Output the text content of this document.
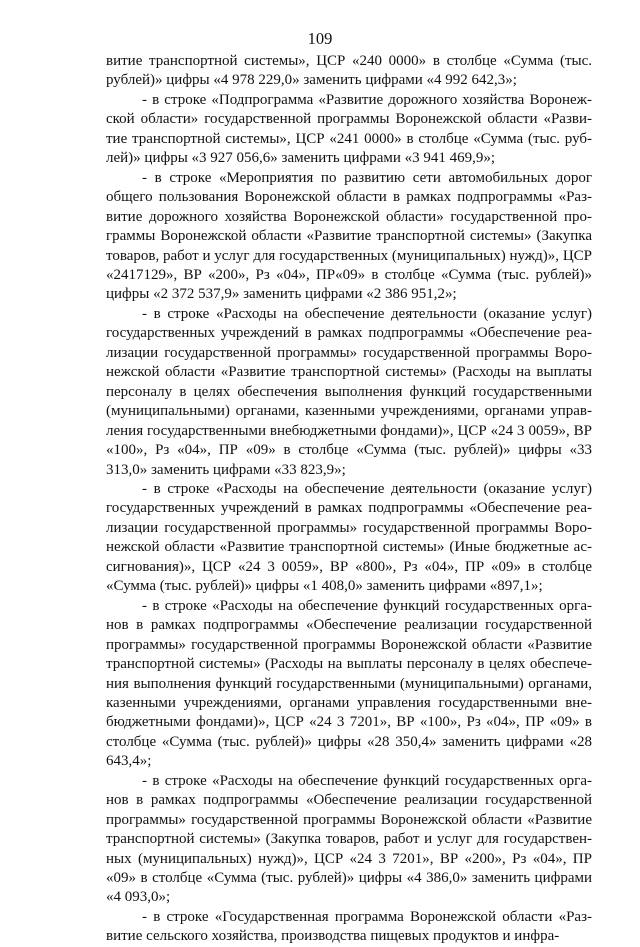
109

витие транспортной системы», ЦСР «240 0000» в столбце «Сумма (тыс. рублей)» цифры «4 978 229,0» заменить цифрами «4 992 642,3»;

- в строке «Подпрограмма «Развитие дорожного хозяйства Воронежской области» государственной программы Воронежской области «Развитие транспортной системы», ЦСР «241 0000» в столбце «Сумма (тыс. рублей)» цифры «3 927 056,6» заменить цифрами «3 941 469,9»;

- в строке «Мероприятия по развитию сети автомобильных дорог общего пользования Воронежской области в рамках подпрограммы «Развитие дорожного хозяйства Воронежской области» государственной программы Воронежской области «Развитие транспортной системы» (Закупка товаров, работ и услуг для государственных (муниципальных) нужд)», ЦСР «2417129», ВР «200», Рз «04», ПР«09» в столбце «Сумма (тыс. рублей)» цифры «2 372 537,9» заменить цифрами «2 386 951,2»;

- в строке «Расходы на обеспечение деятельности (оказание услуг) государственных учреждений в рамках подпрограммы «Обеспечение реализации государственной программы» государственной программы Воронежской области «Развитие транспортной системы» (Расходы на выплаты персоналу в целях обеспечения выполнения функций государственными (муниципальными) органами, казенными учреждениями, органами управления государственными внебюджетными фондами)», ЦСР «24 3 0059», ВР «100», Рз «04», ПР «09» в столбце «Сумма (тыс. рублей)» цифры «33 313,0» заменить цифрами «33 823,9»;

- в строке «Расходы на обеспечение деятельности (оказание услуг) государственных учреждений в рамках подпрограммы «Обеспечение реализации государственной программы» государственной программы Воронежской области «Развитие транспортной системы» (Иные бюджетные ассигнования)», ЦСР «24 3 0059», ВР «800», Рз «04», ПР «09» в столбце «Сумма (тыс. рублей)» цифры «1 408,0» заменить цифрами «897,1»;

- в строке «Расходы на обеспечение функций государственных органов в рамках подпрограммы «Обеспечение реализации государственной программы» государственной программы Воронежской области «Развитие транспортной системы» (Расходы на выплаты персоналу в целях обеспечения выполнения функций государственными (муниципальными) органами, казенными учреждениями, органами управления государственными внебюджетными фондами)», ЦСР «24 3 7201», ВР «100», Рз «04», ПР «09» в столбце «Сумма (тыс. рублей)» цифры «28 350,4» заменить цифрами «28 643,4»;

- в строке «Расходы на обеспечение функций государственных органов в рамках подпрограммы «Обеспечение реализации государственной программы» государственной программы Воронежской области «Развитие транспортной системы» (Закупка товаров, работ и услуг для государственных (муниципальных) нужд)», ЦСР «24 3 7201», ВР «200», Рз «04», ПР «09» в столбце «Сумма (тыс. рублей)» цифры «4 386,0» заменить цифрами «4 093,0»;

- в строке «Государственная программа Воронежской области «Развитие сельского хозяйства, производства пищевых продуктов и инфра-
